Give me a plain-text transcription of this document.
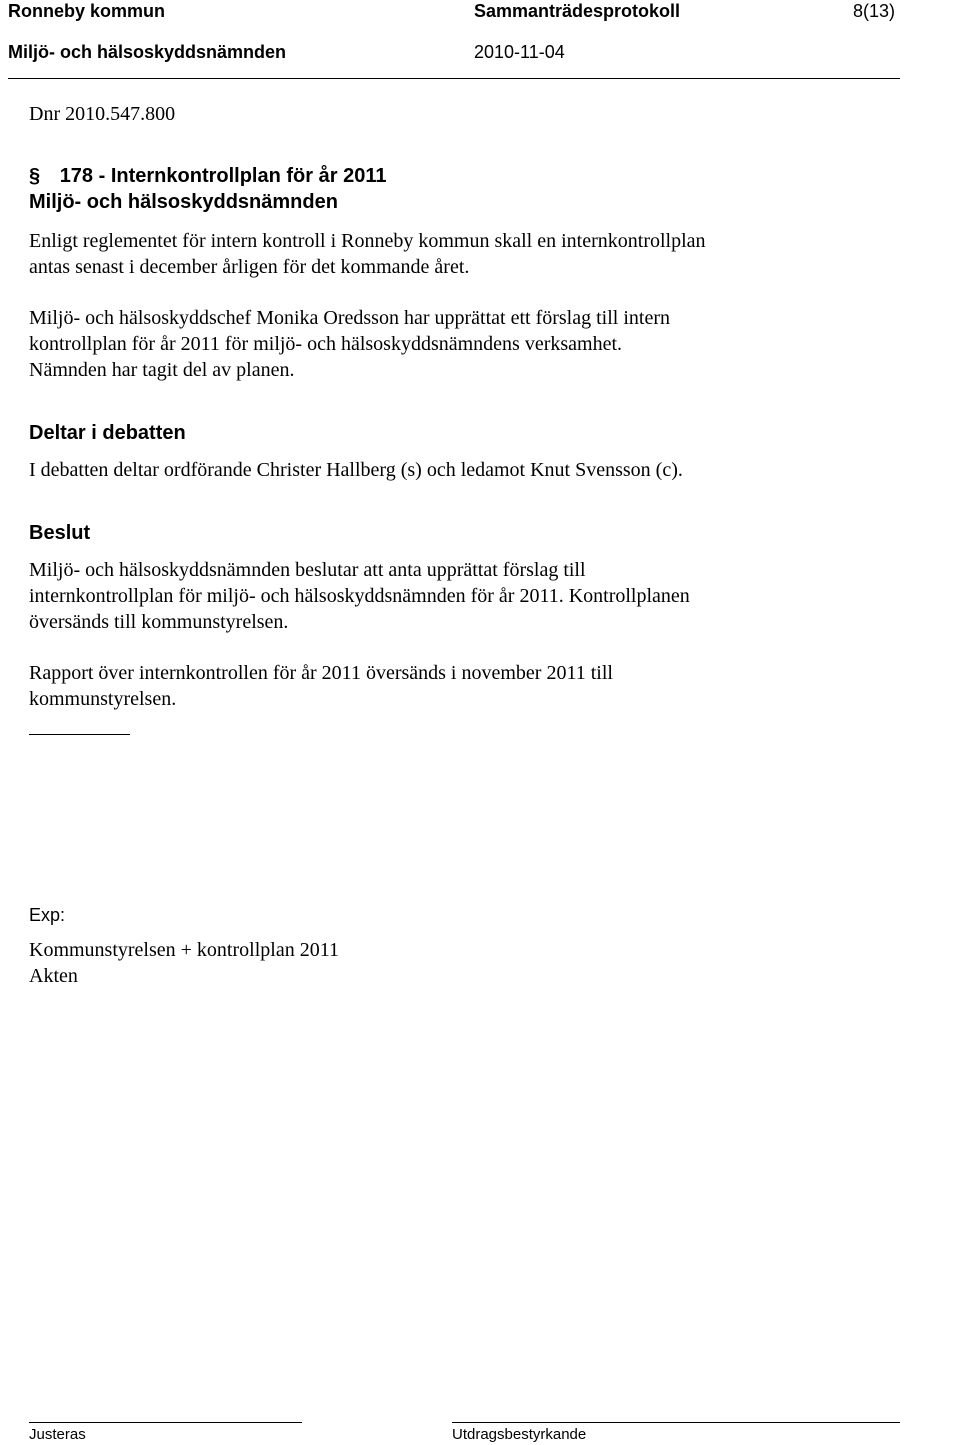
Ronneby kommun	Sammanträdesprotokoll	8(13)
Miljö- och hälsoskyddsnämnden	2010-11-04
Dnr 2010.547.800
§ 178 - Internkontrollplan för år 2011
Miljö- och hälsoskyddsnämnden
Enligt reglementet för intern kontroll i Ronneby kommun skall en internkontrollplan
antas senast i december årligen för det kommande året.
Miljö- och hälsoskyddschef Monika Oredsson har upprättat ett förslag till intern
kontrollplan för år 2011 för miljö- och hälsoskyddsnämndens verksamhet.
Nämnden har tagit del av planen.
Deltar i debatten
I debatten deltar ordförande Christer Hallberg (s) och ledamot Knut Svensson (c).
Beslut
Miljö- och hälsoskyddsnämnden beslutar att anta upprättat förslag till
internkontrollplan för miljö- och hälsoskyddsnämnden för år 2011. Kontrollplanen
översänds till kommunstyrelsen.
Rapport över internkontrollen för år 2011 översänds i november 2011 till
kommunstyrelsen.
Exp:
Kommunstyrelsen + kontrollplan 2011
Akten
Justeras	Utdragsbestyrkande
